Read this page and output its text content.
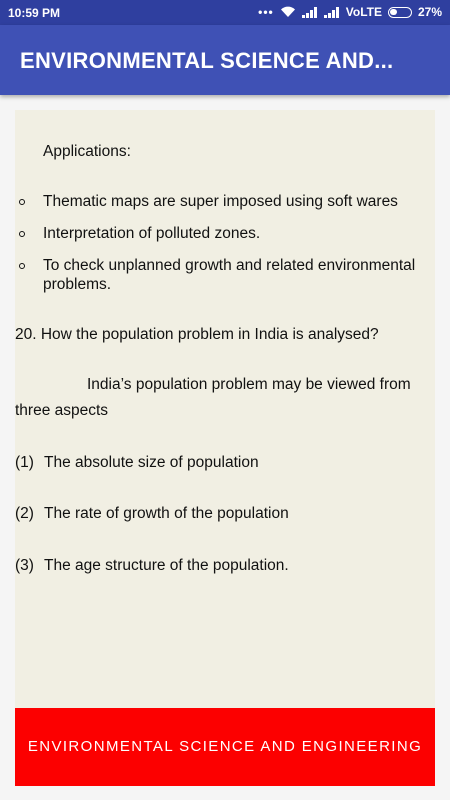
10:59 PM	•••	VoLTE	27%
ENVIRONMENTAL SCIENCE AND...
Applications:
Thematic maps are super imposed using soft wares
Interpretation of polluted zones.
To check unplanned growth and related environmental problems.
20. How the population problem in India is analysed?
India’s population problem may be viewed from
three aspects
(1) The absolute size of population
(2) The rate of growth of the population
(3) The age structure of the population.
ENVIRONMENTAL SCIENCE AND ENGINEERING
